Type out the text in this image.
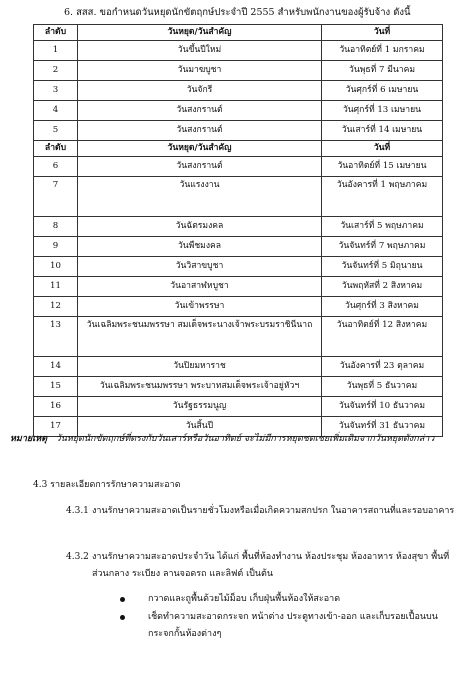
6. สสส. ขอกำหนดวันหยุดนักขัตฤกษ์ประจำปี 2555 สำหรับพนักงานของผู้รับจ้าง ดังนี้
ลำดับ	วันหยุด/วันสำคัญ	วันที่
1	วันขึ้นปีใหม่	วันอาทิตย์ที่ 1 มกราคม
2	วันมาฆบูชา	วันพุธที่ 7 มีนาคม
3	วันจักรี	วันศุกร์ที่ 6 เมษายน
4	วันสงกรานต์	วันศุกร์ที่ 13 เมษายน
5	วันสงกรานต์	วันเสาร์ที่ 14 เมษายน
ลำดับ	วันหยุด/วันสำคัญ	วันที่
6	วันสงกรานต์	วันอาทิตย์ที่ 15 เมษายน
7	วันแรงงาน	วันอังคารที่ 1 พฤษภาคม
8	วันฉัตรมงคล	วันเสาร์ที่ 5 พฤษภาคม
9	วันพืชมงคล	วันจันทร์ที่ 7 พฤษภาคม
10	วันวิสาขบูชา	วันจันทร์ที่ 5 มิถุนายน
11	วันอาสาฬหบูชา	วันพฤหัสที่ 2 สิงหาคม
12	วันเข้าพรรษา	วันศุกร์ที่ 3 สิงหาคม
13	วันเฉลิมพระชนมพรรษา สมเด็จพระนางเจ้าพระบรมราชินีนาถ	วันอาทิตย์ที่ 12 สิงหาคม
14	วันปิยมหาราช	วันอังคารที่ 23 ตุลาคม
15	วันเฉลิมพระชนมพรรษา พระบาทสมเด็จพระเจ้าอยู่หัวฯ	วันพุธที่ 5 ธันวาคม
16	วันรัฐธรรมนูญ	วันจันทร์ที่ 10 ธันวาคม
17	วันสิ้นปี	วันจันทร์ที่ 31 ธันวาคม
หมายเหตุ วันหยุดนักขัตฤกษ์ที่ตรงกับวันเสาร์หรือวันอาทิตย์ จะไม่มีการหยุดชดเชยเพิ่มเติมจากวันหยุดดังกล่าว
4.3 รายละเอียดการรักษาความสะอาด
4.3.1 งานรักษาความสะอาดเป็นรายชั่วโมงหรือเมื่อเกิดความสกปรก ในอาคารสถานที่และรอบอาคาร
4.3.2 งานรักษาความสะอาดประจำวัน ได้แก่ พื้นที่ห้องทำงาน ห้องประชุม ห้องอาหาร ห้องสุขา พื้นที่ส่วนกลาง ระเบียง ลานจอดรถ และลิฟต์ เป็นต้น
กวาดและถูพื้นด้วยไม้ม็อบ เก็บฝุ่นพื้นห้องให้สะอาด
เช็ดทำความสะอาดกระจก หน้าต่าง ประตูทางเข้า-ออก และเก็บรอยเปื้อนบนกระจกกั้นห้องต่างๆ
